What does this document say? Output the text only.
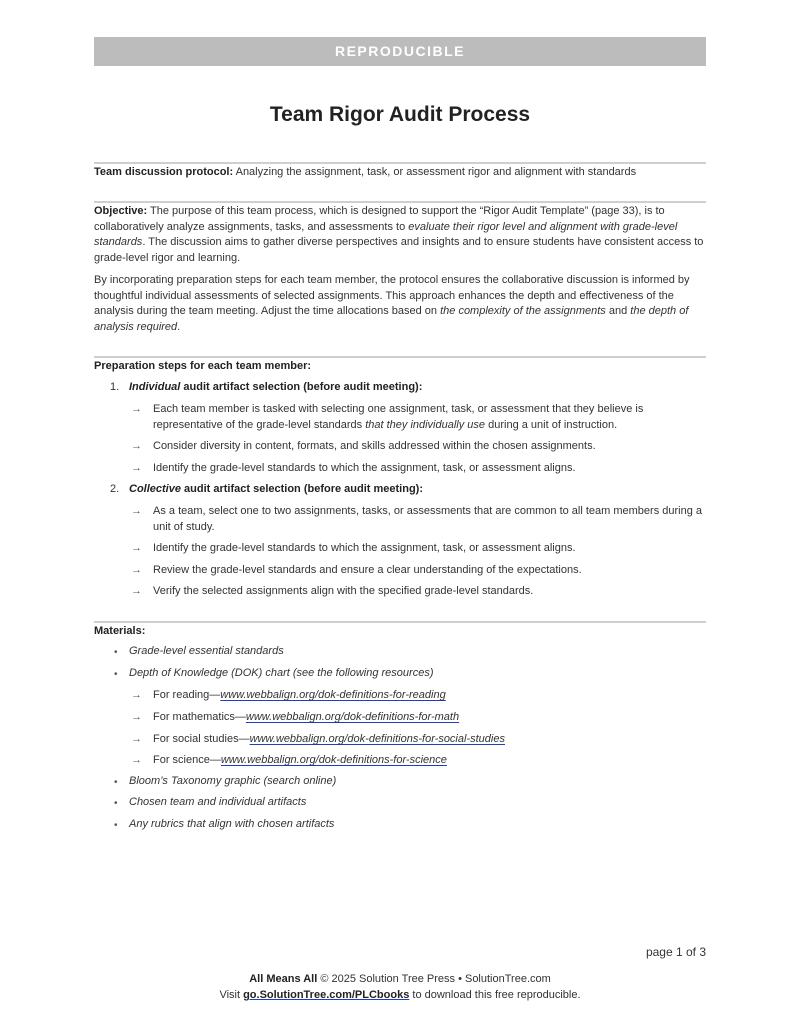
REPRODUCIBLE
Team Rigor Audit Process
Team discussion protocol: Analyzing the assignment, task, or assessment rigor and alignment with standards
Objective: The purpose of this team process, which is designed to support the “Rigor Audit Template” (page 33), is to collaboratively analyze assignments, tasks, and assessments to evaluate their rigor level and alignment with grade-level standards. The discussion aims to gather diverse perspectives and insights and to ensure students have consistent access to grade-level rigor and learning.
By incorporating preparation steps for each team member, the protocol ensures the collaborative discussion is informed by thoughtful individual assessments of selected assignments. This approach enhances the depth and effectiveness of the analysis during the team meeting. Adjust the time allocations based on the complexity of the assignments and the depth of analysis required.
Preparation steps for each team member:
1. Individual audit artifact selection (before audit meeting):
→ Each team member is tasked with selecting one assignment, task, or assessment that they believe is representative of the grade-level standards that they individually use during a unit of instruction.
→ Consider diversity in content, formats, and skills addressed within the chosen assignments.
→ Identify the grade-level standards to which the assignment, task, or assessment aligns.
2. Collective audit artifact selection (before audit meeting):
→ As a team, select one to two assignments, tasks, or assessments that are common to all team members during a unit of study.
→ Identify the grade-level standards to which the assignment, task, or assessment aligns.
→ Review the grade-level standards and ensure a clear understanding of the expectations.
→ Verify the selected assignments align with the specified grade-level standards.
Materials:
• Grade-level essential standards
• Depth of Knowledge (DOK) chart (see the following resources)
→ For reading—www.webbalign.org/dok-definitions-for-reading
→ For mathematics—www.webbalign.org/dok-definitions-for-math
→ For social studies—www.webbalign.org/dok-definitions-for-social-studies
→ For science—www.webbalign.org/dok-definitions-for-science
• Bloom’s Taxonomy graphic (search online)
• Chosen team and individual artifacts
• Any rubrics that align with chosen artifacts
page 1 of 3
All Means All © 2025 Solution Tree Press • SolutionTree.com
Visit go.SolutionTree.com/PLCbooks to download this free reproducible.
